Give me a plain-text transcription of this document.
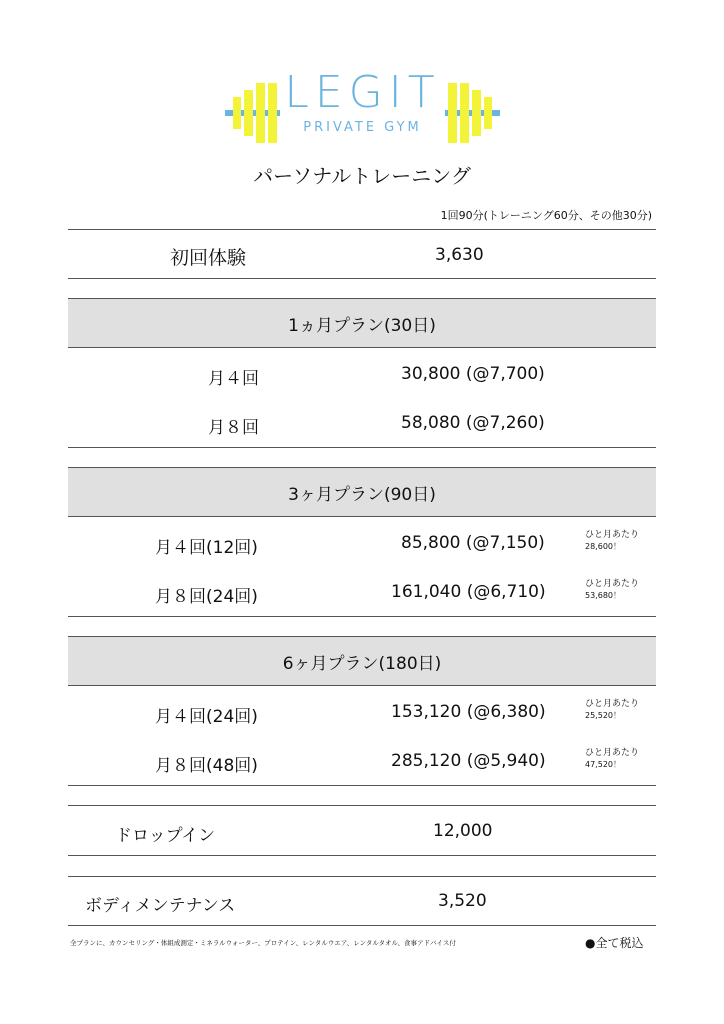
LEGIT
PRIVATE GYM
パーソナルトレーニング
1回90分(トレーニング60分、その他30分)
初回体験	3,630
1ヵ月プラン(30日)
月４回	30,800 (@7,700)
月８回	58,080 (@7,260)
3ヶ月プラン(90日)
月４回(12回)	85,800 (@7,150)	ひと月あたり
28,600！
月８回(24回)	161,040 (@6,710)	ひと月あたり
53,680！
6ヶ月プラン(180日)
月４回(24回)	153,120 (@6,380)	ひと月あたり
25,520！
月８回(48回)	285,120 (@5,940)	ひと月あたり
47,520！
ドロップイン	12,000
ボディメンテナンス	3,520
全プランに、カウンセリング・体組成測定・ミネラルウォーター、プロテイン、レンタルウエア、レンタルタオル、食事アドバイス付	●全て税込
